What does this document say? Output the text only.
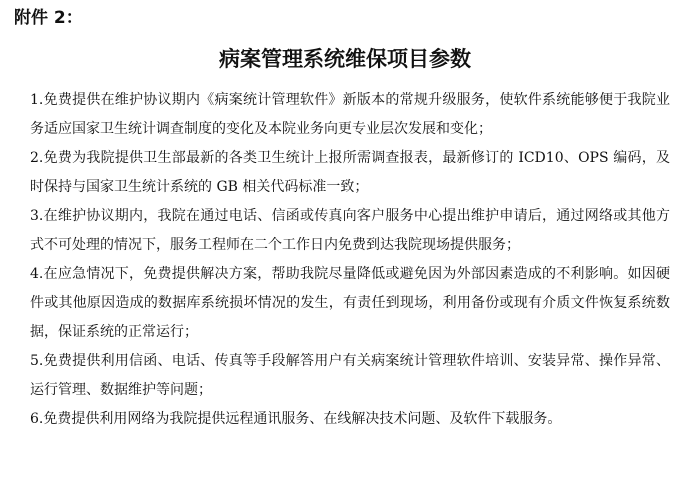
附件 2：
病案管理系统维保项目参数
1.免费提供在维护协议期内《病案统计管理软件》新版本的常规升级服务，使软件系统能够便于我院业务适应国家卫生统计调查制度的变化及本院业务向更专业层次发展和变化；
2.免费为我院提供卫生部最新的各类卫生统计上报所需调查报表，最新修订的 ICD10、OPS 编码，及时保持与国家卫生统计系统的 GB 相关代码标准一致；
3.在维护协议期内，我院在通过电话、信函或传真向客户服务中心提出维护申请后，通过网络或其他方式不可处理的情况下，服务工程师在二个工作日内免费到达我院现场提供服务；
4.在应急情况下，免费提供解决方案，帮助我院尽量降低或避免因为外部因素造成的不利影响。如因硬件或其他原因造成的数据库系统损坏情况的发生，有责任到现场，利用备份或现有介质文件恢复系统数据，保证系统的正常运行；
5.免费提供利用信函、电话、传真等手段解答用户有关病案统计管理软件培训、安装异常、操作异常、运行管理、数据维护等问题；
6.免费提供利用网络为我院提供远程通讯服务、在线解决技术问题、及软件下载服务。
